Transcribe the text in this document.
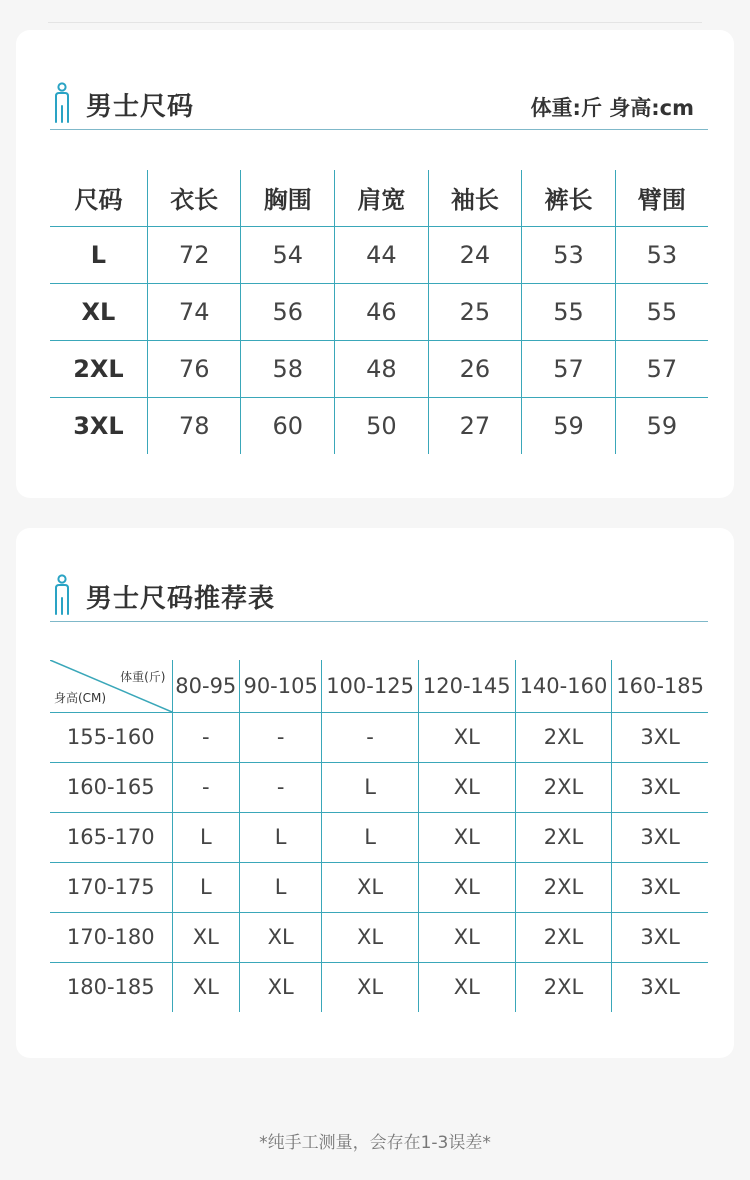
男士尺码	体重:斤 身高:cm
尺码	衣长	胸围	肩宽	袖长	裤长	臂围
L	72	54	44	24	53	53
XL	74	56	46	25	55	55
2XL	76	58	48	26	57	57
3XL	78	60	50	27	59	59
男士尺码推荐表
体重(斤)
身高(CM)	80-95	90-105	100-125	120-145	140-160	160-185
155-160	-	-	-	XL	2XL	3XL
160-165	-	-	L	XL	2XL	3XL
165-170	L	L	L	XL	2XL	3XL
170-175	L	L	XL	XL	2XL	3XL
170-180	XL	XL	XL	XL	2XL	3XL
180-185	XL	XL	XL	XL	2XL	3XL
*纯手工测量，会存在1-3误差*
